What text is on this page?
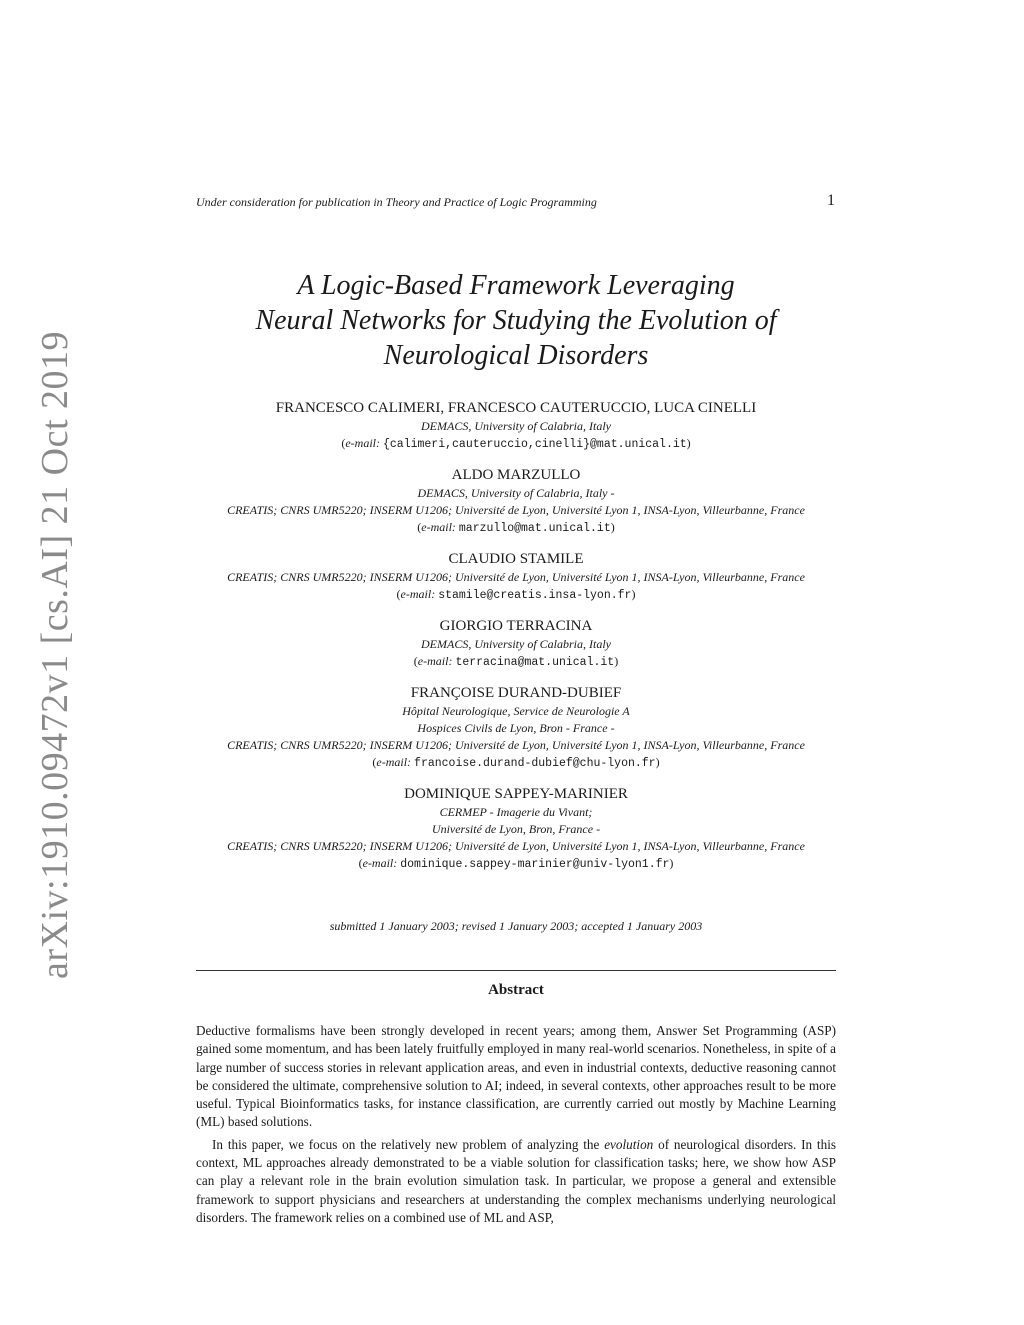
arXiv:1910.09472v1 [cs.AI] 21 Oct 2019
Under consideration for publication in Theory and Practice of Logic Programming	1
A Logic-Based Framework Leveraging
Neural Networks for Studying the Evolution of
Neurological Disorders
FRANCESCO CALIMERI, FRANCESCO CAUTERUCCIO, LUCA CINELLI
DEMACS, University of Calabria, Italy
(e-mail: {calimeri,cauteruccio,cinelli}@mat.unical.it)
ALDO MARZULLO
DEMACS, University of Calabria, Italy -
CREATIS; CNRS UMR5220; INSERM U1206; Université de Lyon, Université Lyon 1, INSA-Lyon, Villeurbanne, France
(e-mail: marzullo@mat.unical.it)
CLAUDIO STAMILE
CREATIS; CNRS UMR5220; INSERM U1206; Université de Lyon, Université Lyon 1, INSA-Lyon, Villeurbanne, France
(e-mail: stamile@creatis.insa-lyon.fr)
GIORGIO TERRACINA
DEMACS, University of Calabria, Italy
(e-mail: terracina@mat.unical.it)
FRANÇOISE DURAND-DUBIEF
Hôpital Neurologique, Service de Neurologie A
Hospices Civils de Lyon, Bron - France -
CREATIS; CNRS UMR5220; INSERM U1206; Université de Lyon, Université Lyon 1, INSA-Lyon, Villeurbanne, France
(e-mail: francoise.durand-dubief@chu-lyon.fr)
DOMINIQUE SAPPEY-MARINIER
CERMEP - Imagerie du Vivant;
Université de Lyon, Bron, France -
CREATIS; CNRS UMR5220; INSERM U1206; Université de Lyon, Université Lyon 1, INSA-Lyon, Villeurbanne, France
(e-mail: dominique.sappey-marinier@univ-lyon1.fr)
submitted 1 January 2003; revised 1 January 2003; accepted 1 January 2003
Abstract

Deductive formalisms have been strongly developed in recent years; among them, Answer Set Programming (ASP) gained some momentum, and has been lately fruitfully employed in many real-world scenarios. Nonetheless, in spite of a large number of success stories in relevant application areas, and even in industrial contexts, deductive reasoning cannot be considered the ultimate, comprehensive solution to AI; indeed, in several contexts, other approaches result to be more useful. Typical Bioinformatics tasks, for instance classification, are currently carried out mostly by Machine Learning (ML) based solutions.

In this paper, we focus on the relatively new problem of analyzing the evolution of neurological disorders. In this context, ML approaches already demonstrated to be a viable solution for classification tasks; here, we show how ASP can play a relevant role in the brain evolution simulation task. In particular, we propose a general and extensible framework to support physicians and researchers at understanding the complex mechanisms underlying neurological disorders. The framework relies on a combined use of ML and ASP,
